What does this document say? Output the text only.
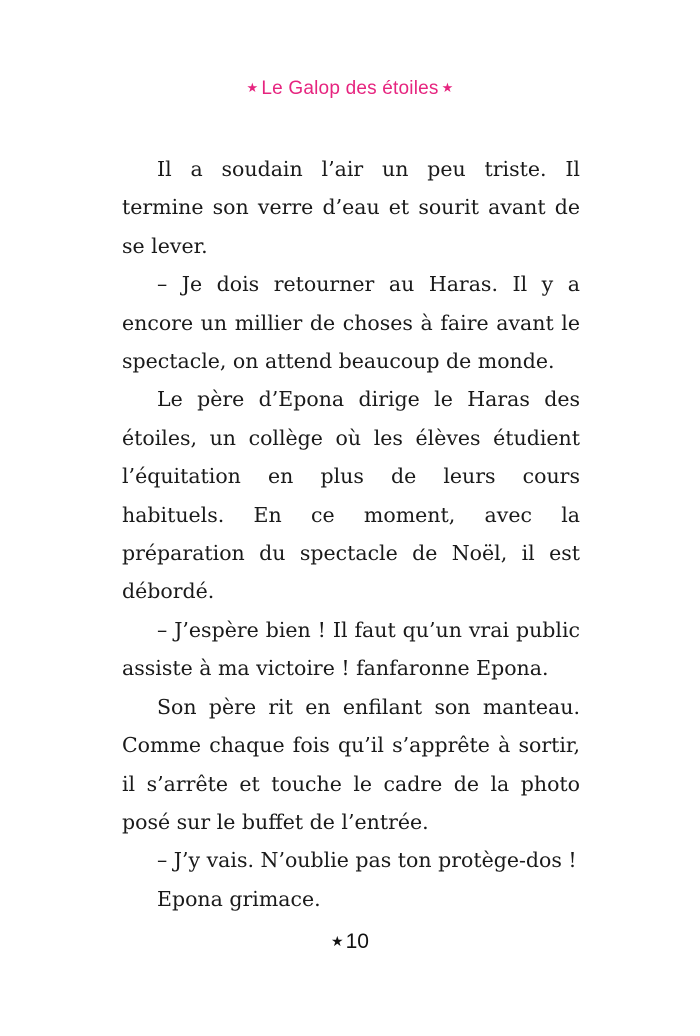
★ Le Galop des étoiles ★

Il a soudain l’air un peu triste. Il termine son verre d’eau et sourit avant de se lever.

– Je dois retourner au Haras. Il y a encore un millier de choses à faire avant le spectacle, on attend beaucoup de monde.

Le père d’Epona dirige le Haras des étoiles, un collège où les élèves étudient l’équitation en plus de leurs cours habituels. En ce moment, avec la préparation du spectacle de Noël, il est débordé.

– J’espère bien ! Il faut qu’un vrai public assiste à ma victoire ! fanfaronne Epona.

Son père rit en enfilant son manteau. Comme chaque fois qu’il s’apprête à sortir, il s’arrête et touche le cadre de la photo posé sur le buffet de l’entrée.

– J’y vais. N’oublie pas ton protège-dos !

Epona grimace.

★10
